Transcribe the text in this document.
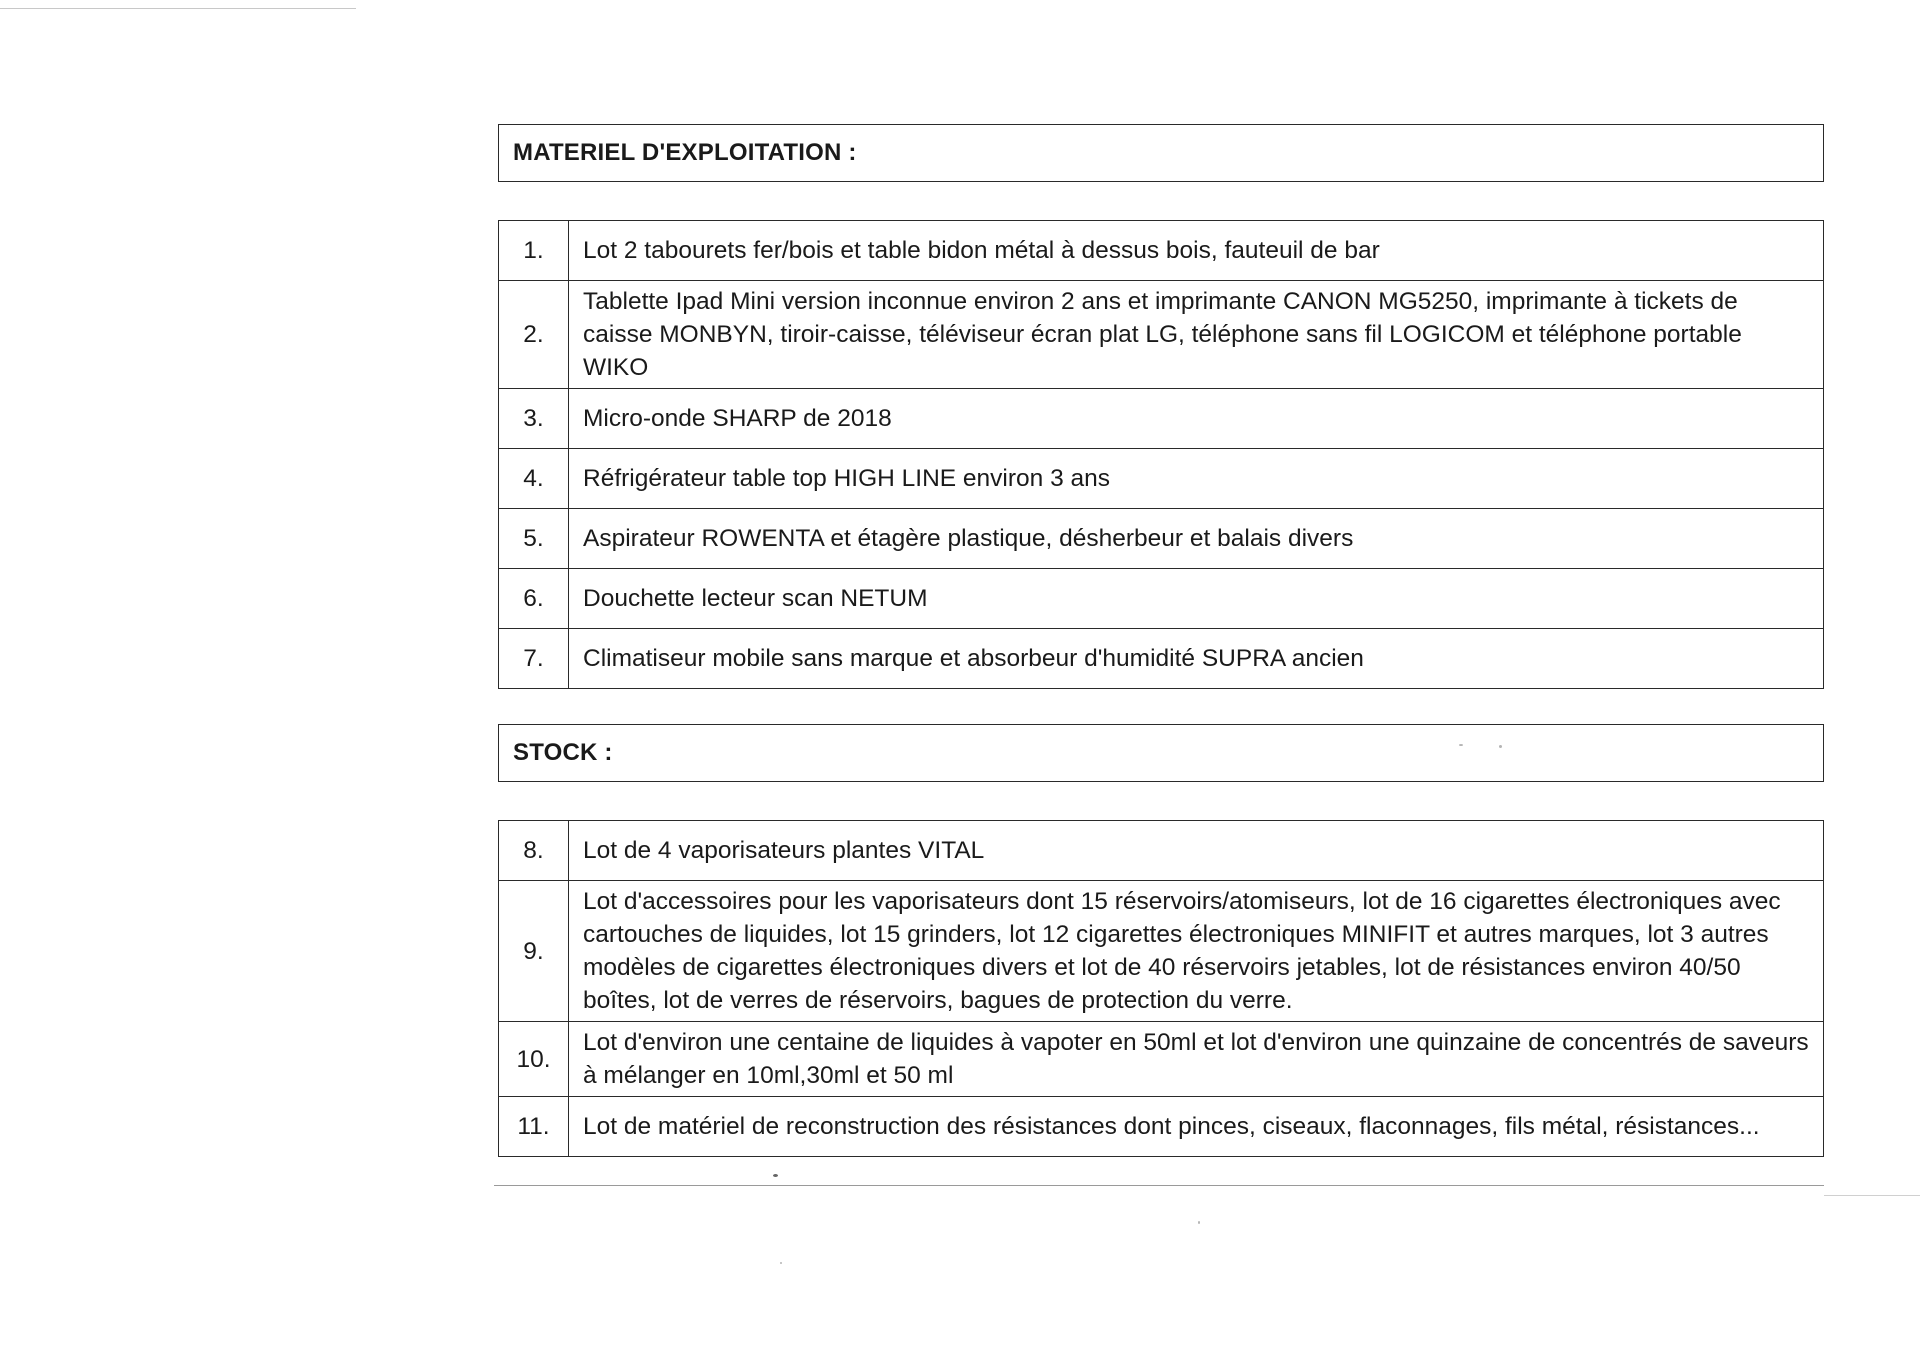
MATERIEL D'EXPLOITATION :
1.	Lot 2 tabourets fer/bois et table bidon métal à dessus bois, fauteuil de bar
2.	Tablette Ipad Mini version inconnue environ 2 ans et imprimante CANON MG5250, imprimante à tickets de caisse MONBYN, tiroir-caisse, téléviseur écran plat LG, téléphone sans fil LOGICOM et téléphone portable WIKO
3.	Micro-onde SHARP de 2018
4.	Réfrigérateur table top HIGH LINE environ 3 ans
5.	Aspirateur ROWENTA et étagère plastique, désherbeur et balais divers
6.	Douchette lecteur scan NETUM
7.	Climatiseur mobile sans marque et absorbeur d'humidité SUPRA ancien
STOCK :
8.	Lot de 4 vaporisateurs plantes VITAL
9.	Lot d'accessoires pour les vaporisateurs dont 15 réservoirs/atomiseurs, lot de 16 cigarettes électroniques avec cartouches de liquides, lot 15 grinders, lot 12 cigarettes électroniques MINIFIT et autres marques, lot 3 autres modèles de cigarettes électroniques divers et lot de 40 réservoirs jetables, lot de résistances environ 40/50 boîtes, lot de verres de réservoirs, bagues de protection du verre.
10.	Lot d'environ une centaine de liquides à vapoter en 50ml et lot d'environ une quinzaine de concentrés de saveurs à mélanger en 10ml,30ml et 50 ml
11.	Lot de matériel de reconstruction des résistances dont pinces, ciseaux, flaconnages, fils métal, résistances...
